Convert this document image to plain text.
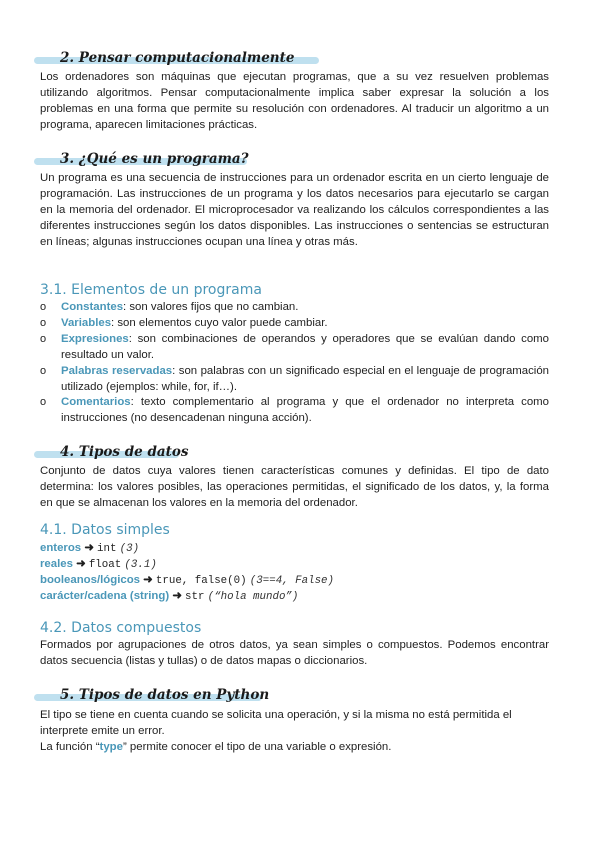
2. Pensar computacionalmente

Los ordenadores son máquinas que ejecutan programas, que a su vez resuelven problemas utilizando algoritmos. Pensar computacionalmente implica saber expresar la solución a los problemas en una forma que permite su resolución con ordenadores. Al traducir un algoritmo a un programa, aparecen limitaciones prácticas.

3. ¿Qué es un programa?

Un programa es una secuencia de instrucciones para un ordenador escrita en un cierto lenguaje de programación. Las instrucciones de un programa y los datos necesarios para ejecutarlo se cargan en la memoria del ordenador. El microprocesador va realizando los cálculos correspondientes a las diferentes instrucciones según los datos disponibles. Las instrucciones o sentencias se estructuran en líneas; algunas instrucciones ocupan una línea y otras más.

3.1. Elementos de un programa
o Constantes: son valores fijos que no cambian.
o Variables: son elementos cuyo valor puede cambiar.
o Expresiones: son combinaciones de operandos y operadores que se evalúan dando como resultado un valor.
o Palabras reservadas: son palabras con un significado especial en el lenguaje de programación utilizado (ejemplos: while, for, if…).
o Comentarios: texto complementario al programa y que el ordenador no interpreta como instrucciones (no desencadenan ninguna acción).
4. Tipos de datos

Conjunto de datos cuya valores tienen características comunes y definidas. El tipo de dato determina: los valores posibles, las operaciones permitidas, el significado de los datos, y, la forma en que se almacenan los valores en la memoria del ordenador.

4.1. Datos simples
enteros ➜ int (3)
reales ➜ float (3.1)
booleanos/lógicos ➜ true, false(0) (3==4, False)
carácter/cadena (string) ➜ str (“hola mundo”)
4.2. Datos compuestos

Formados por agrupaciones de otros datos, ya sean simples o compuestos. Podemos encontrar datos secuencia (listas y tullas) o de datos mapas o diccionarios.

5. Tipos de datos en Python

El tipo se tiene en cuenta cuando se solicita una operación, y si la misma no está permitida el interprete emite un error.

La función “type” permite conocer el tipo de una variable o expresión.
